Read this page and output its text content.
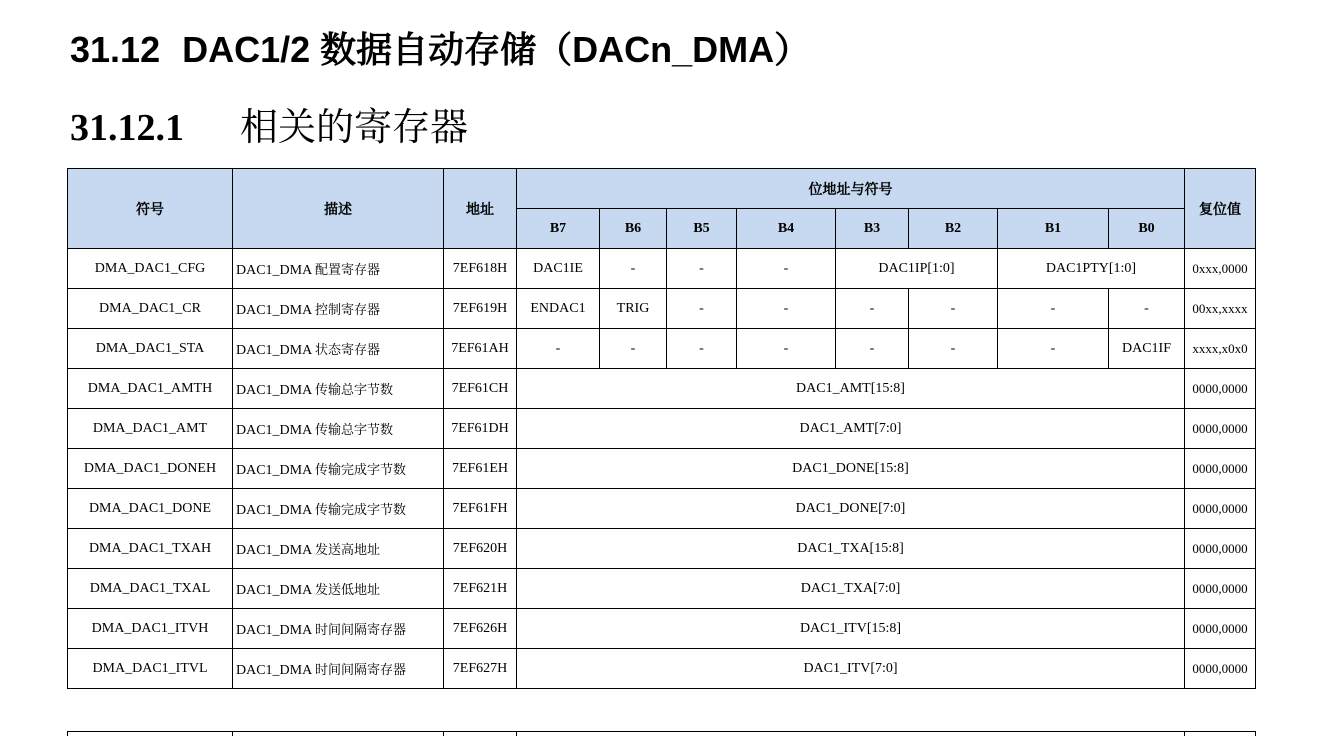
31.12 DAC1/2 数据自动存储（DACn_DMA）
31.12.1 相关的寄存器
符号	描述	地址	位地址与符号								复位值
			B7	B6	B5	B4	B3	B2	B1	B0	
DMA_DAC1_CFG	DAC1_DMA 配置寄存器	7EF618H	DAC1IE	-	-	-	DAC1IP[1:0]		DAC1PTY[1:0]		0xxx,0000
DMA_DAC1_CR	DAC1_DMA 控制寄存器	7EF619H	ENDAC1	TRIG	-	-	-	-	-	-	00xx,xxxx
DMA_DAC1_STA	DAC1_DMA 状态寄存器	7EF61AH	-	-	-	-	-	-	-	DAC1IF	xxxx,x0x0
DMA_DAC1_AMTH	DAC1_DMA 传输总字节数	7EF61CH	DAC1_AMT[15:8]								0000,0000
DMA_DAC1_AMT	DAC1_DMA 传输总字节数	7EF61DH	DAC1_AMT[7:0]								0000,0000
DMA_DAC1_DONEH	DAC1_DMA 传输完成字节数	7EF61EH	DAC1_DONE[15:8]								0000,0000
DMA_DAC1_DONE	DAC1_DMA 传输完成字节数	7EF61FH	DAC1_DONE[7:0]								0000,0000
DMA_DAC1_TXAH	DAC1_DMA 发送高地址	7EF620H	DAC1_TXA[15:8]								0000,0000
DMA_DAC1_TXAL	DAC1_DMA 发送低地址	7EF621H	DAC1_TXA[7:0]								0000,0000
DMA_DAC1_ITVH	DAC1_DMA 时间间隔寄存器	7EF626H	DAC1_ITV[15:8]								0000,0000
DMA_DAC1_ITVL	DAC1_DMA 时间间隔寄存器	7EF627H	DAC1_ITV[7:0]								0000,0000
